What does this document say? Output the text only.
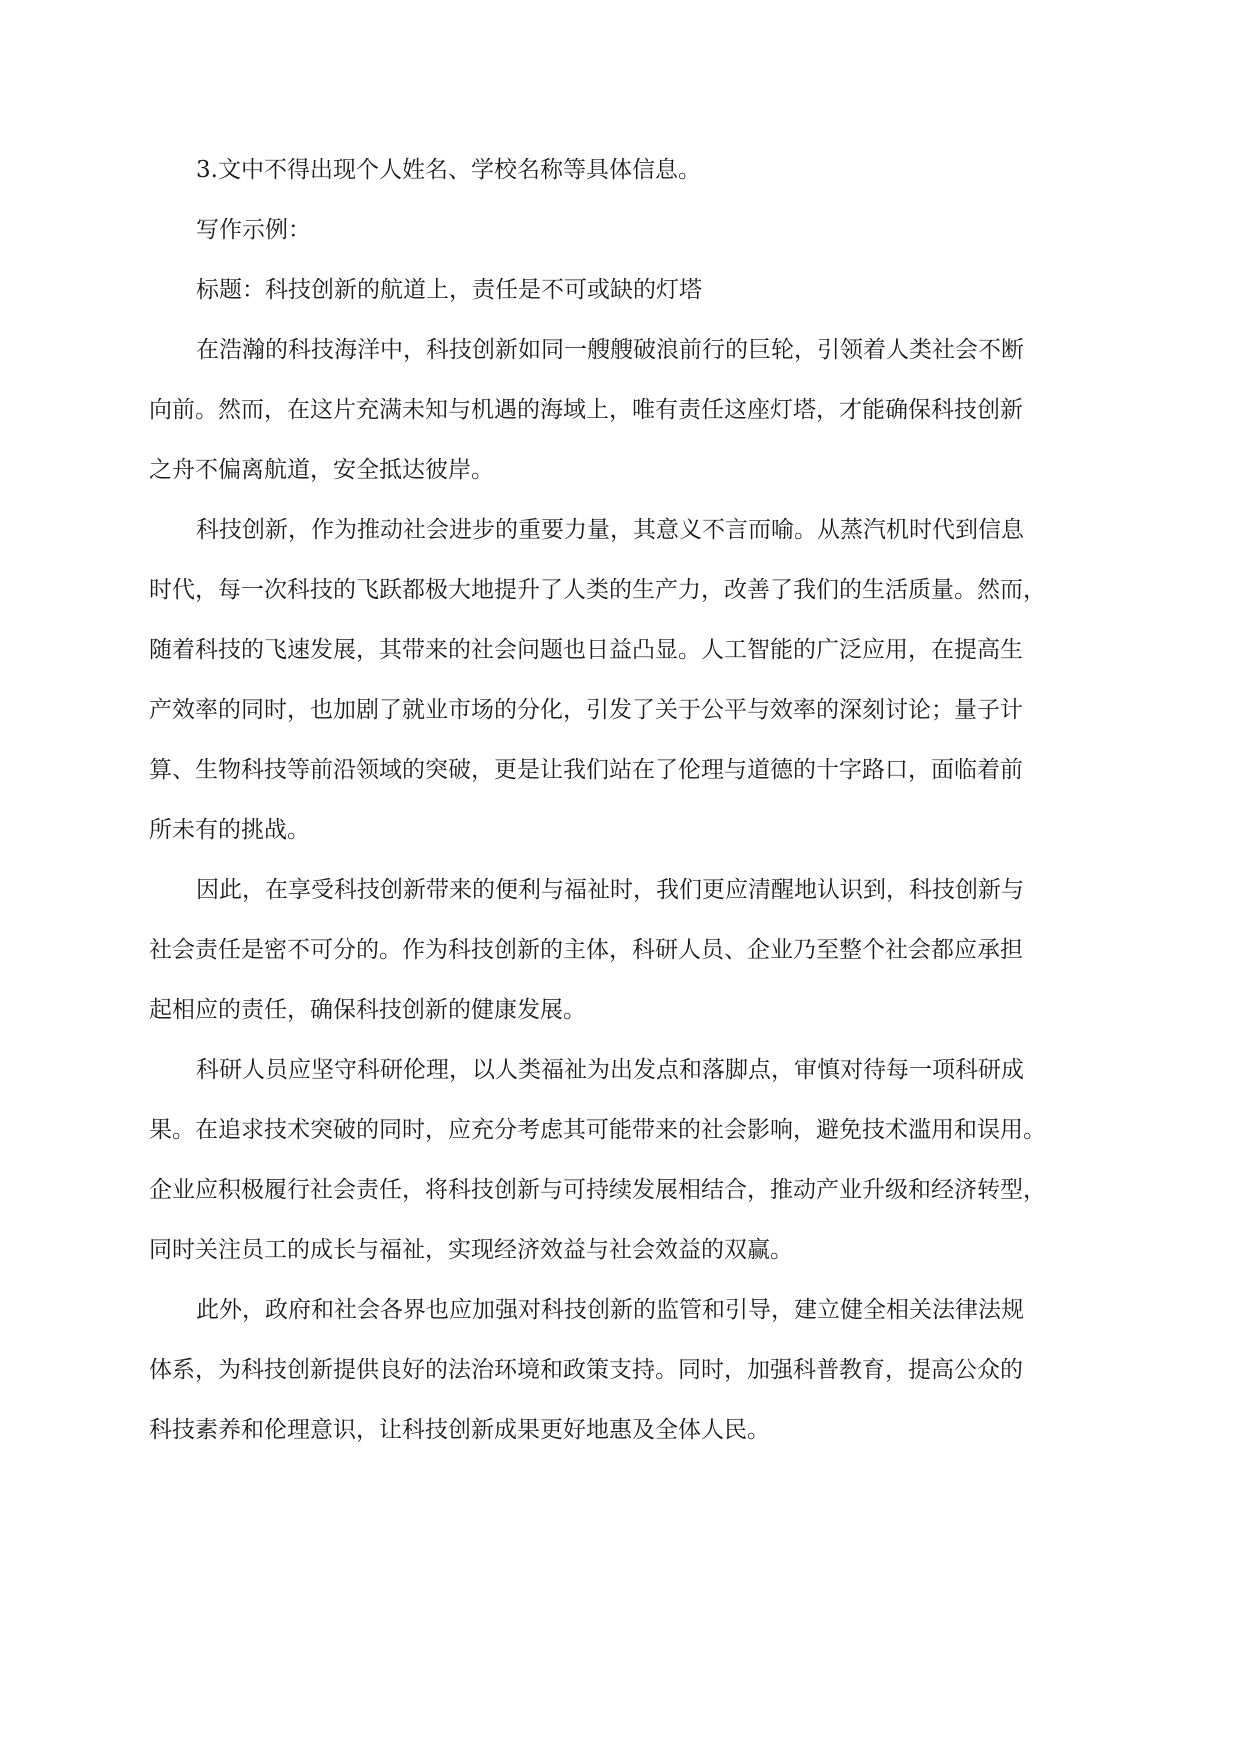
3.文中不得出现个人姓名、学校名称等具体信息。

写作示例：

标题：科技创新的航道上，责任是不可或缺的灯塔

在浩瀚的科技海洋中，科技创新如同一艘艘破浪前行的巨轮，引领着人类社会不断

向前。然而，在这片充满未知与机遇的海域上，唯有责任这座灯塔，才能确保科技创新

之舟不偏离航道，安全抵达彼岸。

科技创新，作为推动社会进步的重要力量，其意义不言而喻。从蒸汽机时代到信息

时代，每一次科技的飞跃都极大地提升了人类的生产力，改善了我们的生活质量。然而，

随着科技的飞速发展，其带来的社会问题也日益凸显。人工智能的广泛应用，在提高生

产效率的同时，也加剧了就业市场的分化，引发了关于公平与效率的深刻讨论；量子计

算、生物科技等前沿领域的突破，更是让我们站在了伦理与道德的十字路口，面临着前

所未有的挑战。

因此，在享受科技创新带来的便利与福祉时，我们更应清醒地认识到，科技创新与

社会责任是密不可分的。作为科技创新的主体，科研人员、企业乃至整个社会都应承担

起相应的责任，确保科技创新的健康发展。

科研人员应坚守科研伦理，以人类福祉为出发点和落脚点，审慎对待每一项科研成

果。在追求技术突破的同时，应充分考虑其可能带来的社会影响，避免技术滥用和误用。

企业应积极履行社会责任，将科技创新与可持续发展相结合，推动产业升级和经济转型，

同时关注员工的成长与福祉，实现经济效益与社会效益的双赢。

此外，政府和社会各界也应加强对科技创新的监管和引导，建立健全相关法律法规

体系，为科技创新提供良好的法治环境和政策支持。同时，加强科普教育，提高公众的

科技素养和伦理意识，让科技创新成果更好地惠及全体人民。
